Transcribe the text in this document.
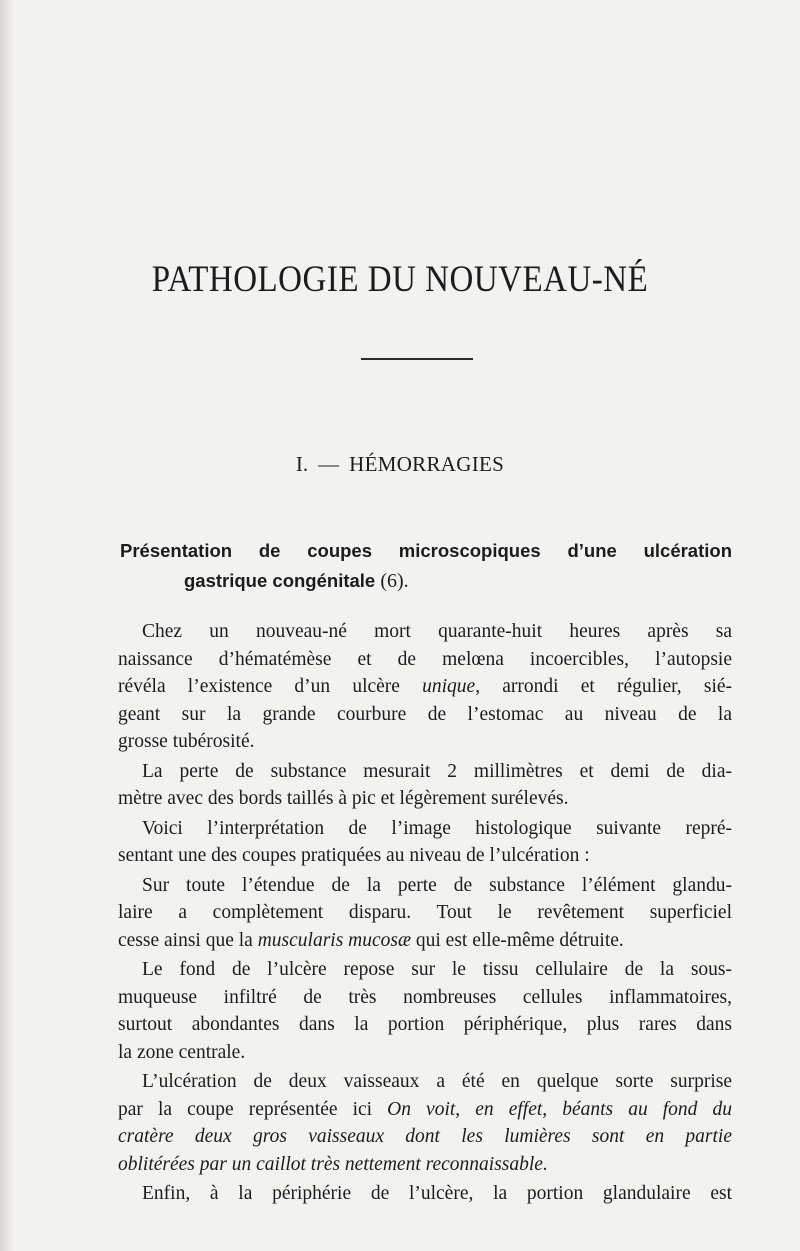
PATHOLOGIE DU NOUVEAU-NÉ
I. — HÉMORRAGIES
Présentation de coupes microscopiques d’une ulcération
gastrique congénitale (6).

Chez un nouveau-né mort quarante-huit heures après sa
naissance d’hématémèse et de melœna incoercibles, l’autopsie
révéla l’existence d’un ulcère unique, arrondi et régulier, sié-
geant sur la grande courbure de l’estomac au niveau de la
grosse tubérosité.

La perte de substance mesurait 2 millimètres et demi de dia-
mètre avec des bords taillés à pic et légèrement surélevés.

Voici l’interprétation de l’image histologique suivante repré-
sentant une des coupes pratiquées au niveau de l’ulcération :

Sur toute l’étendue de la perte de substance l’élément glandu-
laire a complètement disparu. Tout le revêtement superficiel
cesse ainsi que la muscularis mucosæ qui est elle-même détruite.

Le fond de l’ulcère repose sur le tissu cellulaire de la sous-
muqueuse infiltré de très nombreuses cellules inflammatoires,
surtout abondantes dans la portion périphérique, plus rares dans
la zone centrale.

L’ulcération de deux vaisseaux a été en quelque sorte surprise
par la coupe représentée ici On voit, en effet, béants au fond du
cratère deux gros vaisseaux dont les lumières sont en partie
oblitérées par un caillot très nettement reconnaissable.

Enfin, à la périphérie de l’ulcère, la portion glandulaire est
